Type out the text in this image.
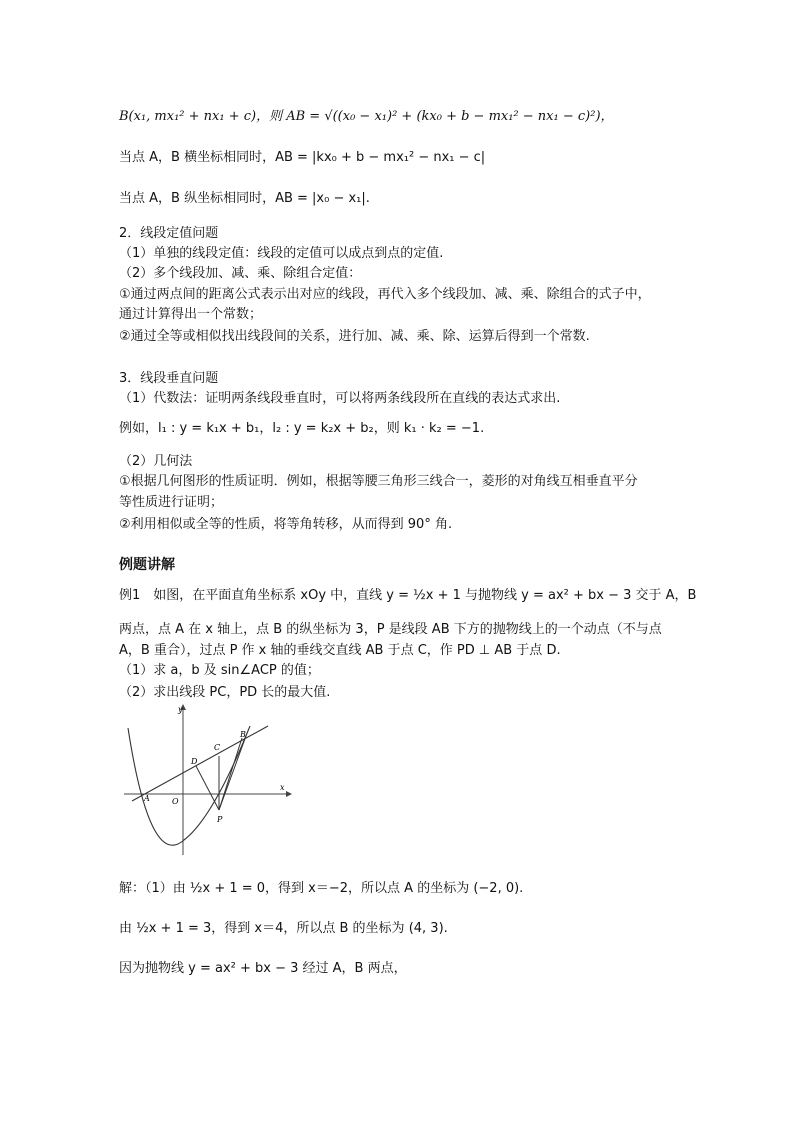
B(x₁, mx₁² + nx₁ + c)，则 AB = √((x₀ − x₁)² + (kx₀ + b − mx₁² − nx₁ − c)²)，
当点 A，B 横坐标相同时，AB = |kx₀ + b − mx₁² − nx₁ − c|
当点 A，B 纵坐标相同时，AB = |x₀ − x₁|.
2．线段定值问题
（1）单独的线段定值：线段的定值可以成点到点的定值.
（2）多个线段加、减、乘、除组合定值：
①通过两点间的距离公式表示出对应的线段，再代入多个线段加、减、乘、除组合的式子中，
通过计算得出一个常数；
②通过全等或相似找出线段间的关系，进行加、减、乘、除、运算后得到一个常数.
3．线段垂直问题
（1）代数法：证明两条线段垂直时，可以将两条线段所在直线的表达式求出.
例如，l₁ : y = k₁x + b₁，l₂ : y = k₂x + b₂，则 k₁ · k₂ = −1.
（2）几何法
①根据几何图形的性质证明．例如，根据等腰三角形三线合一，菱形的对角线互相垂直平分
等性质进行证明；
②利用相似或全等的性质，将等角转移，从而得到 90° 角.
例题讲解
例1　如图，在平面直角坐标系 xOy 中，直线 y = ½x + 1 与抛物线 y = ax² + bx − 3 交于 A，B
两点，点 A 在 x 轴上，点 B 的纵坐标为 3，P 是线段 AB 下方的抛物线上的一个动点（不与点
A，B 重合），过点 P 作 x 轴的垂线交直线 AB 于点 C，作 PD ⊥ AB 于点 D.
（1）求 a，b 及 sin∠ACP 的值；
（2）求出线段 PC，PD 长的最大值.
y
x
O
A
B
C
D
P
解：（1）由 ½x + 1 = 0，得到 x＝−2，所以点 A 的坐标为 (−2, 0).
由 ½x + 1 = 3，得到 x＝4，所以点 B 的坐标为 (4, 3).
因为抛物线 y = ax² + bx − 3 经过 A，B 两点，
